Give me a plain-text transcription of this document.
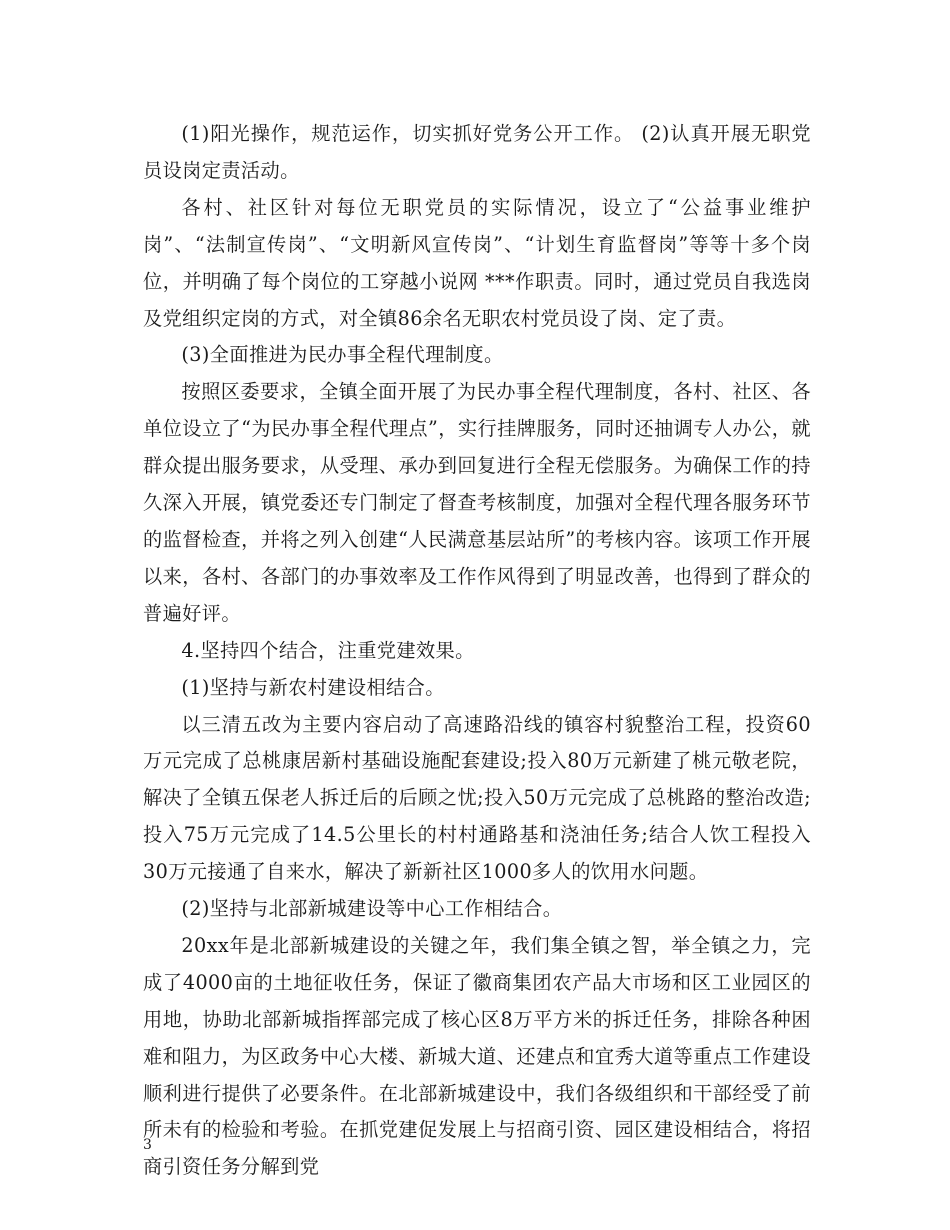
(1)阳光操作，规范运作，切实抓好党务公开工作。 (2)认真开展无职党员设岗定责活动。

各村、社区针对每位无职党员的实际情况，设立了“公益事业维护岗”、“法制宣传岗”、“文明新风宣传岗”、“计划生育监督岗”等等十多个岗位，并明确了每个岗位的工穿越小说网 ***作职责。同时，通过党员自我选岗及党组织定岗的方式，对全镇86余名无职农村党员设了岗、定了责。

(3)全面推进为民办事全程代理制度。

按照区委要求，全镇全面开展了为民办事全程代理制度，各村、社区、各单位设立了“为民办事全程代理点”，实行挂牌服务，同时还抽调专人办公，就群众提出服务要求，从受理、承办到回复进行全程无偿服务。为确保工作的持久深入开展，镇党委还专门制定了督查考核制度，加强对全程代理各服务环节的监督检查，并将之列入创建“人民满意基层站所”的考核内容。该项工作开展以来，各村、各部门的办事效率及工作作风得到了明显改善，也得到了群众的普遍好评。

4.坚持四个结合，注重党建效果。

(1)坚持与新农村建设相结合。

以三清五改为主要内容启动了高速路沿线的镇容村貌整治工程，投资60万元完成了总桃康居新村基础设施配套建设;投入80万元新建了桃元敬老院，解决了全镇五保老人拆迁后的后顾之忧;投入50万元完成了总桃路的整治改造;投入75万元完成了14.5公里长的村村通路基和浇油任务;结合人饮工程投入30万元接通了自来水，解决了新新社区1000多人的饮用水问题。

(2)坚持与北部新城建设等中心工作相结合。

20xx年是北部新城建设的关键之年，我们集全镇之智，举全镇之力，完成了4000亩的土地征收任务，保证了徽商集团农产品大市场和区工业园区的用地，协助北部新城指挥部完成了核心区8万平方米的拆迁任务，排除各种困难和阻力，为区政务中心大楼、新城大道、还建点和宜秀大道等重点工作建设顺利进行提供了必要条件。在北部新城建设中，我们各级组织和干部经受了前所未有的检验和考验。在抓党建促发展上与招商引资、园区建设相结合，将招商引资任务分解到党

3
